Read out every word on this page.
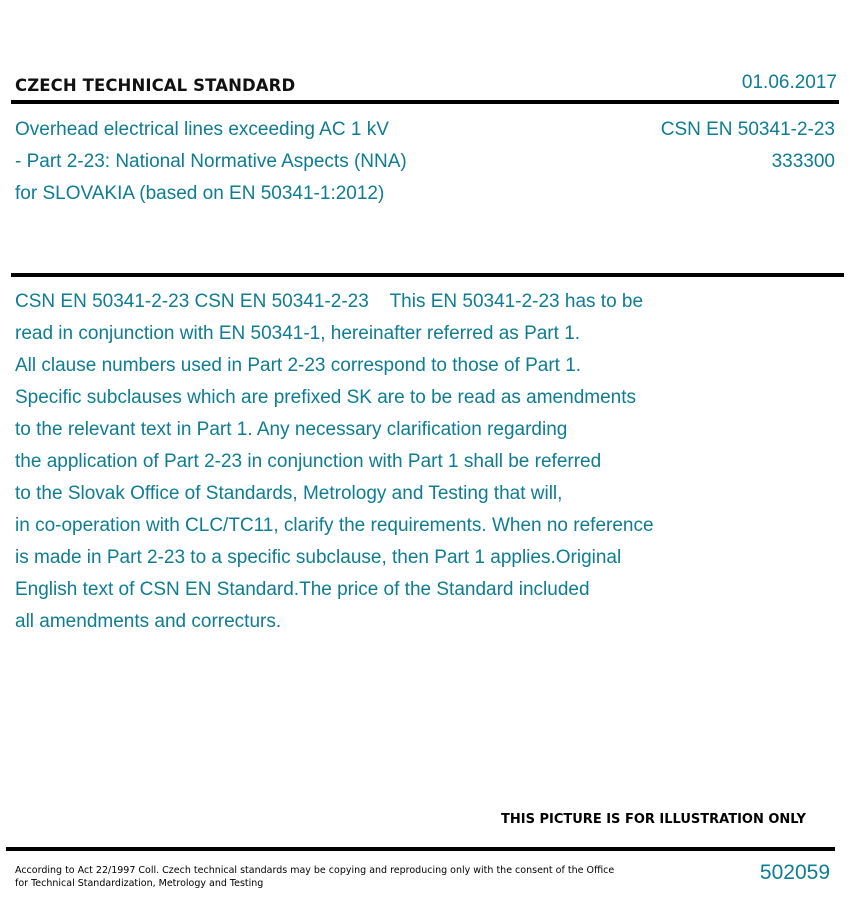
CZECH TECHNICAL STANDARD	01.06.2017
Overhead electrical lines exceeding AC 1 kV
- Part 2-23: National Normative Aspects (NNA)
for SLOVAKIA (based on EN 50341-1:2012)
CSN EN 50341-2-23
333300
CSN EN 50341-2-23 CSN EN 50341-2-23    This EN 50341-2-23 has to be
read in conjunction with EN 50341-1, hereinafter referred as Part 1.
All clause numbers used in Part 2-23 correspond to those of Part 1.
Specific subclauses which are prefixed SK are to be read as amendments
to the relevant text in Part 1. Any necessary clarification regarding
the application of Part 2-23 in conjunction with Part 1 shall be referred
to the Slovak Office of Standards, Metrology and Testing that will,
in co-operation with CLC/TC11, clarify the requirements. When no reference
is made in Part 2-23 to a specific subclause, then Part 1 applies.Original
English text of CSN EN Standard.The price of the Standard included
all amendments and correcturs.
THIS PICTURE IS FOR ILLUSTRATION ONLY
According to Act 22/1997 Coll. Czech technical standards may be copying and reproducing only with the consent of the Office
for Technical Standardization, Metrology and Testing	502059
